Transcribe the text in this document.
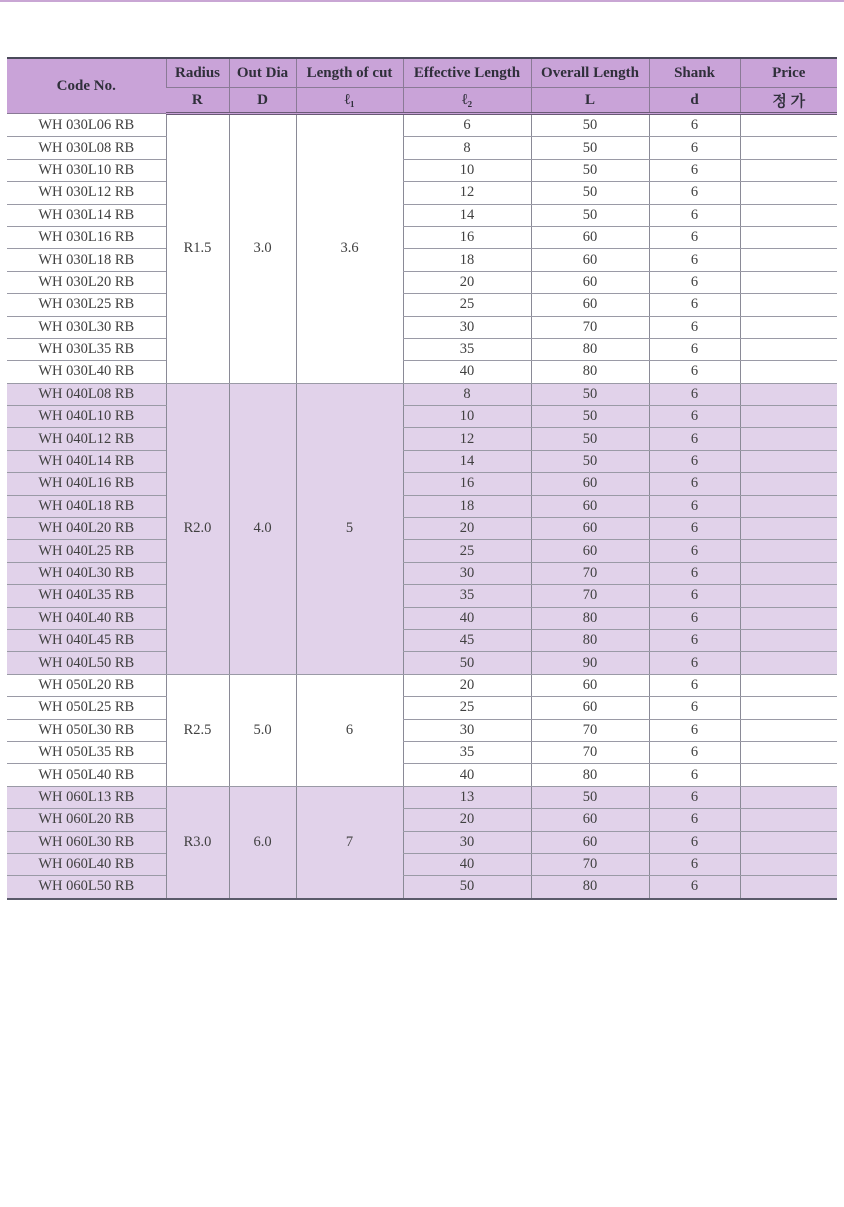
Code No.	Radius	Out Dia	Length of cut	Effective Length	Overall Length	Shank	Price
	R	D	ℓ₁	ℓ₂	L	d	정 가
WH 030L06 RB	R1.5	3.0	3.6	6	50	6	
WH 030L08 RB				8	50	6	
WH 030L10 RB				10	50	6	
WH 030L12 RB				12	50	6	
WH 030L14 RB				14	50	6	
WH 030L16 RB				16	60	6	
WH 030L18 RB				18	60	6	
WH 030L20 RB				20	60	6	
WH 030L25 RB				25	60	6	
WH 030L30 RB				30	70	6	
WH 030L35 RB				35	80	6	
WH 030L40 RB				40	80	6	
WH 040L08 RB	R2.0	4.0	5	8	50	6	
WH 040L10 RB				10	50	6	
WH 040L12 RB				12	50	6	
WH 040L14 RB				14	50	6	
WH 040L16 RB				16	60	6	
WH 040L18 RB				18	60	6	
WH 040L20 RB				20	60	6	
WH 040L25 RB				25	60	6	
WH 040L30 RB				30	70	6	
WH 040L35 RB				35	70	6	
WH 040L40 RB				40	80	6	
WH 040L45 RB				45	80	6	
WH 040L50 RB				50	90	6	
WH 050L20 RB	R2.5	5.0	6	20	60	6	
WH 050L25 RB				25	60	6	
WH 050L30 RB				30	70	6	
WH 050L35 RB				35	70	6	
WH 050L40 RB				40	80	6	
WH 060L13 RB	R3.0	6.0	7	13	50	6	
WH 060L20 RB				20	60	6	
WH 060L30 RB				30	60	6	
WH 060L40 RB				40	70	6	
WH 060L50 RB				50	80	6	
